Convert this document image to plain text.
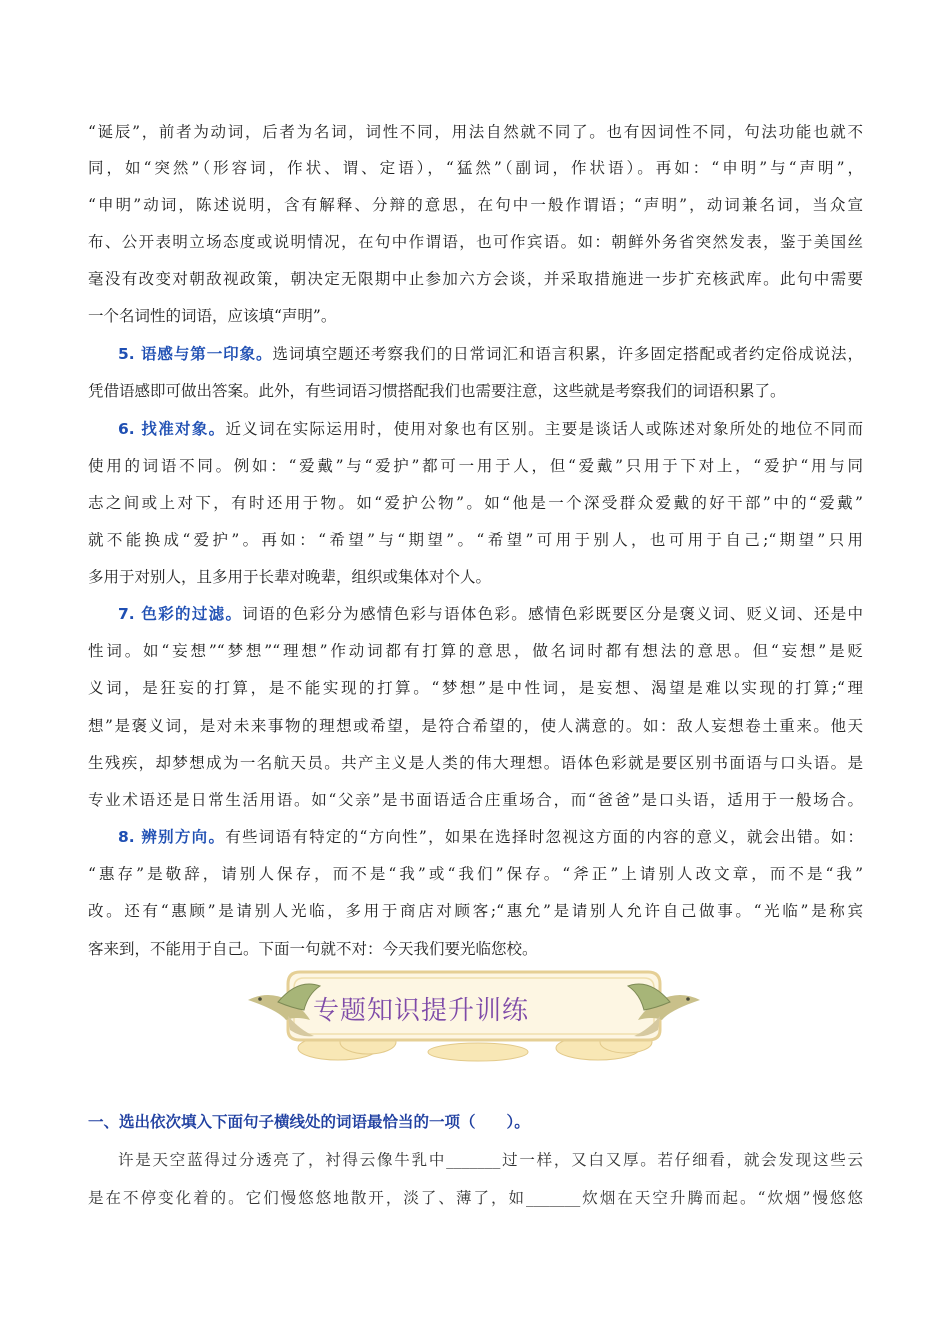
“诞辰”，前者为动词，后者为名词，词性不同，用法自然就不同了。也有因词性不同，句法功能也就不
同，如“突然”（形容词，作状、谓、定语），“猛然”（副词，作状语）。再如：“申明”与“声明”，
“申明”动词，陈述说明，含有解释、分辩的意思，在句中一般作谓语；“声明”，动词兼名词，当众宣
布、公开表明立场态度或说明情况，在句中作谓语，也可作宾语。如：朝鲜外务省突然发表，鉴于美国丝
毫没有改变对朝敌视政策，朝决定无限期中止参加六方会谈，并采取措施进一步扩充核武库。此句中需要
一个名词性的词语，应该填“声明”。
5. 语感与第一印象。选词填空题还考察我们的日常词汇和语言积累，许多固定搭配或者约定俗成说法，
凭借语感即可做出答案。此外，有些词语习惯搭配我们也需要注意，这些就是考察我们的词语积累了。
6. 找准对象。近义词在实际运用时，使用对象也有区别。主要是谈话人或陈述对象所处的地位不同而
使用的词语不同。例如：“爱戴”与“爱护”都可一用于人，但“爱戴”只用于下对上，“爱护“用与同
志之间或上对下，有时还用于物。如“爱护公物”。如“他是一个深受群众爱戴的好干部”中的“爱戴”
就不能换成“爱护”。再如：“希望”与“期望”。“希望”可用于别人，也可用于自己;“期望”只用
多用于对别人，且多用于长辈对晚辈，组织或集体对个人。
7. 色彩的过滤。词语的色彩分为感情色彩与语体色彩。感情色彩既要区分是褒义词、贬义词、还是中
性词。如“妄想”“梦想”“理想”作动词都有打算的意思，做名词时都有想法的意思。但“妄想”是贬
义词，是狂妄的打算，是不能实现的打算。“梦想”是中性词，是妄想、渴望是难以实现的打算;“理
想”是褒义词，是对未来事物的理想或希望，是符合希望的，使人满意的。如：敌人妄想卷土重来。他天
生残疾，却梦想成为一名航天员。共产主义是人类的伟大理想。语体色彩就是要区别书面语与口头语。是
专业术语还是日常生活用语。如“父亲”是书面语适合庄重场合，而“爸爸”是口头语，适用于一般场合。
8. 辨别方向。有些词语有特定的“方向性”，如果在选择时忽视这方面的内容的意义，就会出错。如：
“惠存”是敬辞，请别人保存，而不是“我”或“我们”保存。“斧正”上请别人改文章，而不是“我”
改。还有“惠顾”是请别人光临，多用于商店对顾客;“惠允”是请别人允许自己做事。“光临”是称宾
客来到，不能用于自己。下面一句就不对：今天我们要光临您校。
专题知识提升训练
一、选出依次填入下面句子横线处的词语最恰当的一项（　　）。
许是天空蓝得过分透亮了，衬得云像牛乳中_______过一样，又白又厚。若仔细看，就会发现这些云
是在不停变化着的。它们慢悠悠地散开，淡了、薄了，如_______炊烟在天空升腾而起。“炊烟”慢悠悠
